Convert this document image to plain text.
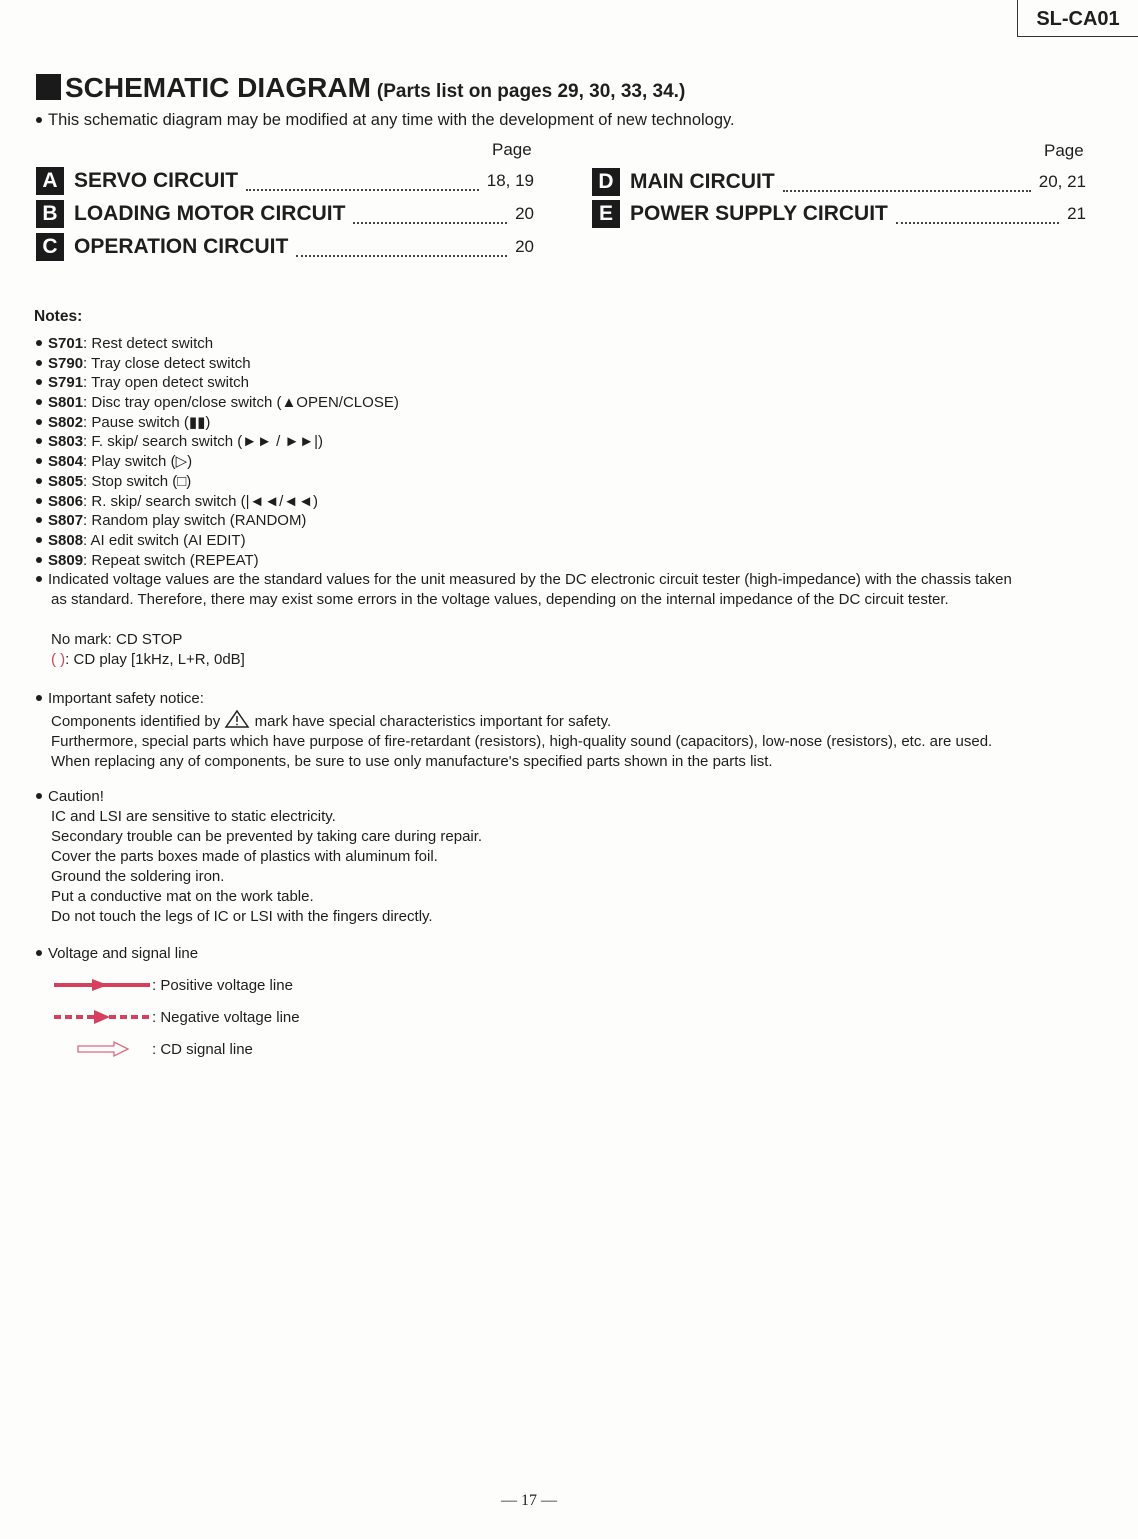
SL-CA01
SCHEMATIC DIAGRAM (Parts list on pages 29, 30, 33, 34.)
This schematic diagram may be modified at any time with the development of new technology.
Page	Page
A SERVO CIRCUIT	18, 19
B LOADING MOTOR CIRCUIT	20
C OPERATION CIRCUIT	20
D MAIN CIRCUIT	20, 21
E POWER SUPPLY CIRCUIT	21
Notes:
S701: Rest detect switch
S790: Tray close detect switch
S791: Tray open detect switch
S801: Disc tray open/close switch (▲OPEN/CLOSE)
S802: Pause switch (▮▮)
S803: F. skip/ search switch (►► / ►►|)
S804: Play switch (▷)
S805: Stop switch (□)
S806: R. skip/ search switch (|◄◄/◄◄)
S807: Random play switch (RANDOM)
S808: AI edit switch (AI EDIT)
S809: Repeat switch (REPEAT)
Indicated voltage values are the standard values for the unit measured by the DC electronic circuit tester (high-impedance) with the chassis taken
as standard. Therefore, there may exist some errors in the voltage values, depending on the internal impedance of the DC circuit tester.
No mark: CD STOP
( ): CD play [1kHz, L+R, 0dB]
Important safety notice:
Components identified by mark have special characteristics important for safety.
Furthermore, special parts which have purpose of fire-retardant (resistors), high-quality sound (capacitors), low-nose (resistors), etc. are used.
When replacing any of components, be sure to use only manufacture's specified parts shown in the parts list.
Caution!
IC and LSI are sensitive to static electricity.
Secondary trouble can be prevented by taking care during repair.
Cover the parts boxes made of plastics with aluminum foil.
Ground the soldering iron.
Put a conductive mat on the work table.
Do not touch the legs of IC or LSI with the fingers directly.
Voltage and signal line
: Positive voltage line
: Negative voltage line
: CD signal line
— 17 —
